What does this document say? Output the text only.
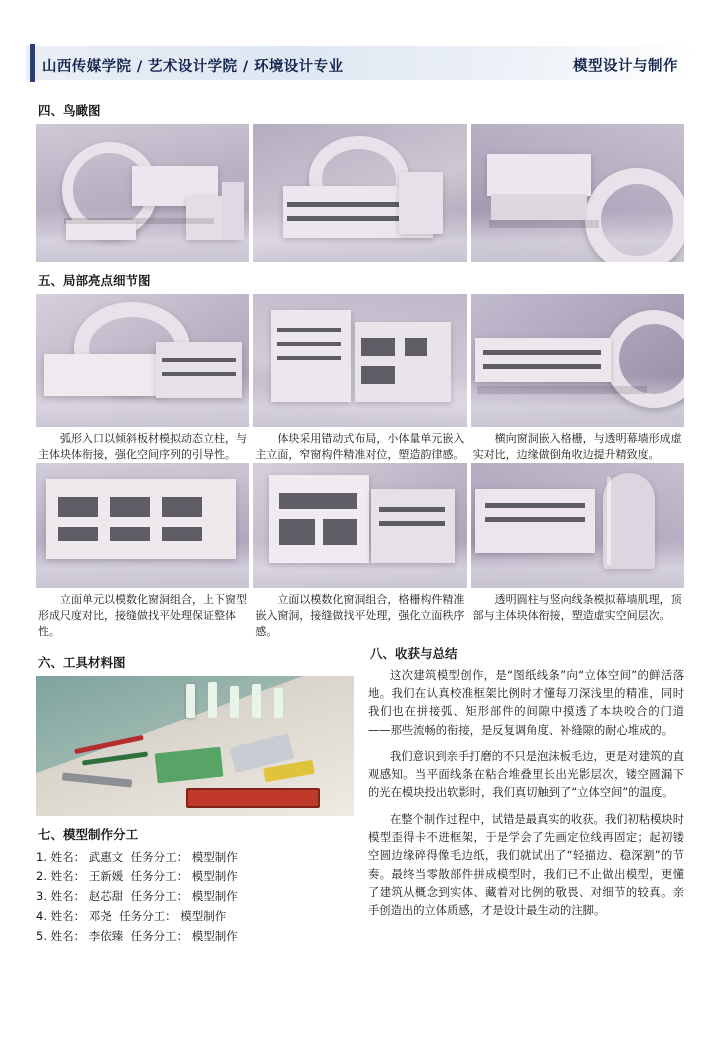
山西传媒学院 / 艺术设计学院 / 环境设计专业	模型设计与制作
四、鸟瞰图
五、局部亮点细节图
弧形入口以倾斜板材模拟动态立柱，与主体块体衔接，强化空间序列的引导性。
体块采用错动式布局，小体量单元嵌入主立面，窄窗构件精准对位，塑造韵律感。
横向窗洞嵌入格栅，与透明幕墙形成虚实对比，边缘做倒角收边提升精致度。
立面单元以模数化窗洞组合，上下窗型形成尺度对比，接缝做找平处理保证整体性。
立面以模数化窗洞组合，格栅构件精准嵌入窗洞，接缝做找平处理，强化立面秩序感。
透明圆柱与竖向线条模拟幕墙肌理，顶部与主体块体衔接，塑造虚实空间层次。
六、工具材料图
七、模型制作分工
1. 姓名： 武惠文 任务分工： 模型制作
2. 姓名： 王新媛 任务分工： 模型制作
3. 姓名： 赵芯甜 任务分工： 模型制作
4. 姓名： 邓尧 任务分工： 模型制作
5. 姓名： 李依臻 任务分工： 模型制作
八、收获与总结

这次建筑模型创作，是“图纸线条”向“立体空间”的鲜活落地。我们在认真校准框架比例时才懂每刀深浅里的精准，同时我们也在拼接弧、矩形部件的间隙中摸透了本块咬合的门道——那些流畅的衔接，是反复调角度、补缝隙的耐心堆成的。

我们意识到亲手打磨的不只是泡沫板毛边，更是对建筑的直观感知。当平面线条在粘合堆叠里长出光影层次，镂空圆漏下的光在模块投出软影时，我们真切触到了“立体空间”的温度。

在整个制作过程中，试错是最真实的收获。我们初粘模块时模型歪得卡不进框架，于是学会了先画定位线再固定；起初镂空圆边缘碎得像毛边纸，我们就试出了“轻描边、稳深割”的节奏。最终当零散部件拼成模型时，我们已不止做出模型，更懂了建筑从概念到实体、藏着对比例的敬畏、对细节的较真。亲手创造出的立体质感，才是设计最生动的注脚。
